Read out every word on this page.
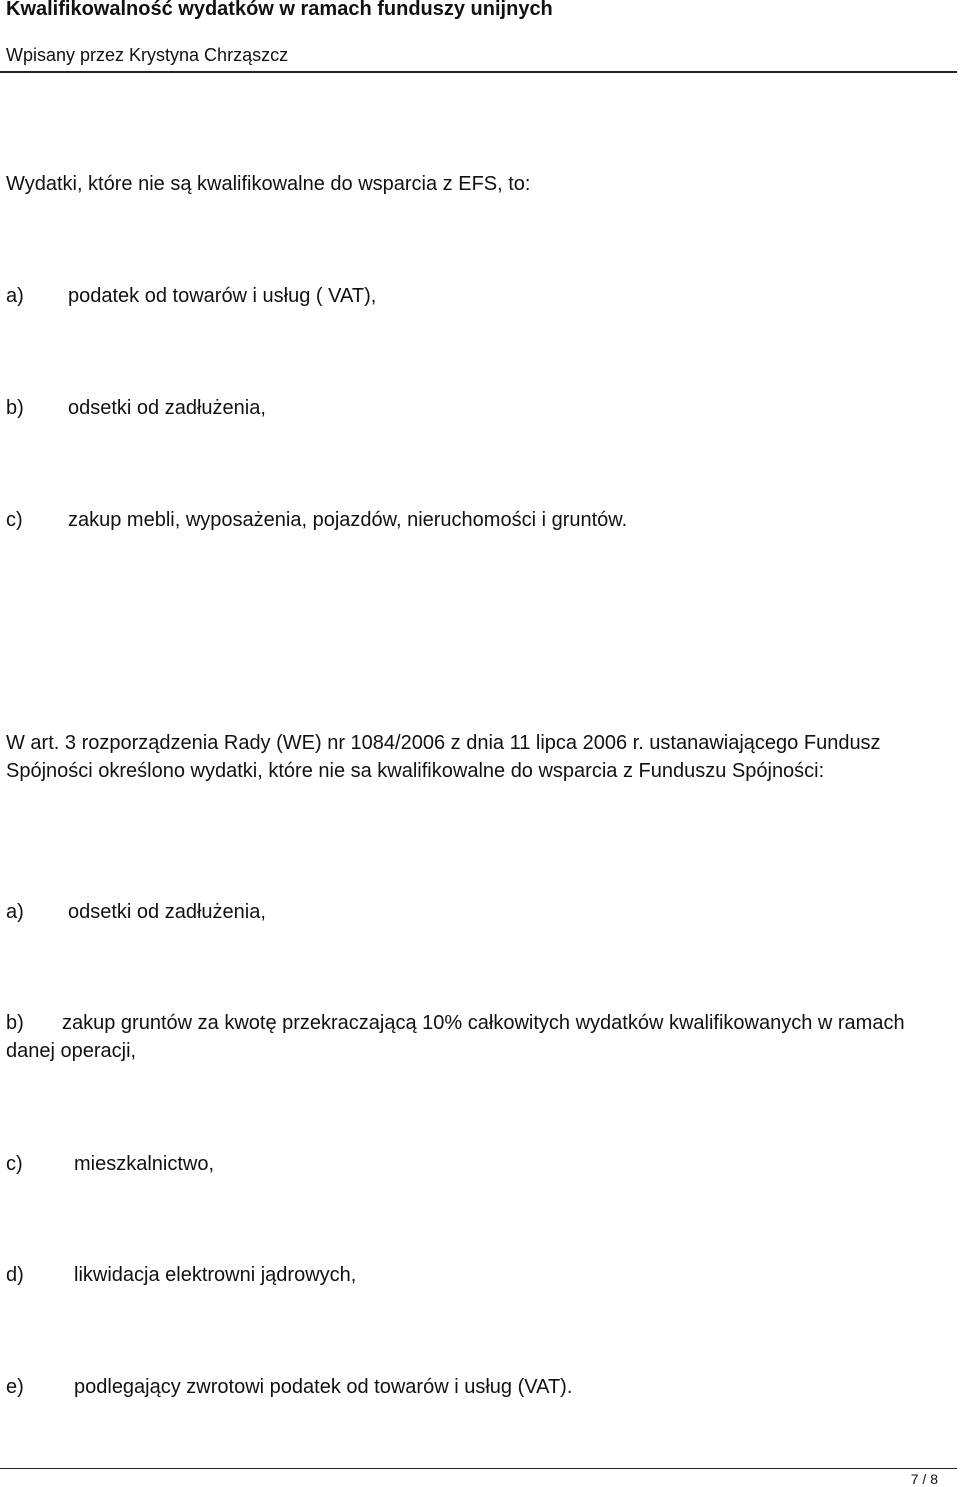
Kwalifikowalność wydatków w ramach funduszy unijnych
Wpisany przez Krystyna Chrząszcz
Wydatki, które nie są kwalifikowalne do wsparcia z EFS, to:
a) podatek od towarów i usług ( VAT),
b) odsetki od zadłużenia,
c) zakup mebli, wyposażenia, pojazdów, nieruchomości i gruntów.
W art. 3 rozporządzenia Rady (WE) nr 1084/2006 z dnia 11 lipca 2006 r. ustanawiającego Fundusz Spójności określono wydatki, które nie sa kwalifikowalne do wsparcia z Funduszu Spójności:
a) odsetki od zadłużenia,
b) zakup gruntów za kwotę przekraczającą 10% całkowitych wydatków kwalifikowanych w ramach danej operacji,
c)	mieszkalnictwo,
d)	likwidacja elektrowni jądrowych,
e)	podlegający zwrotowi podatek od towarów i usług (VAT).
7 / 8
